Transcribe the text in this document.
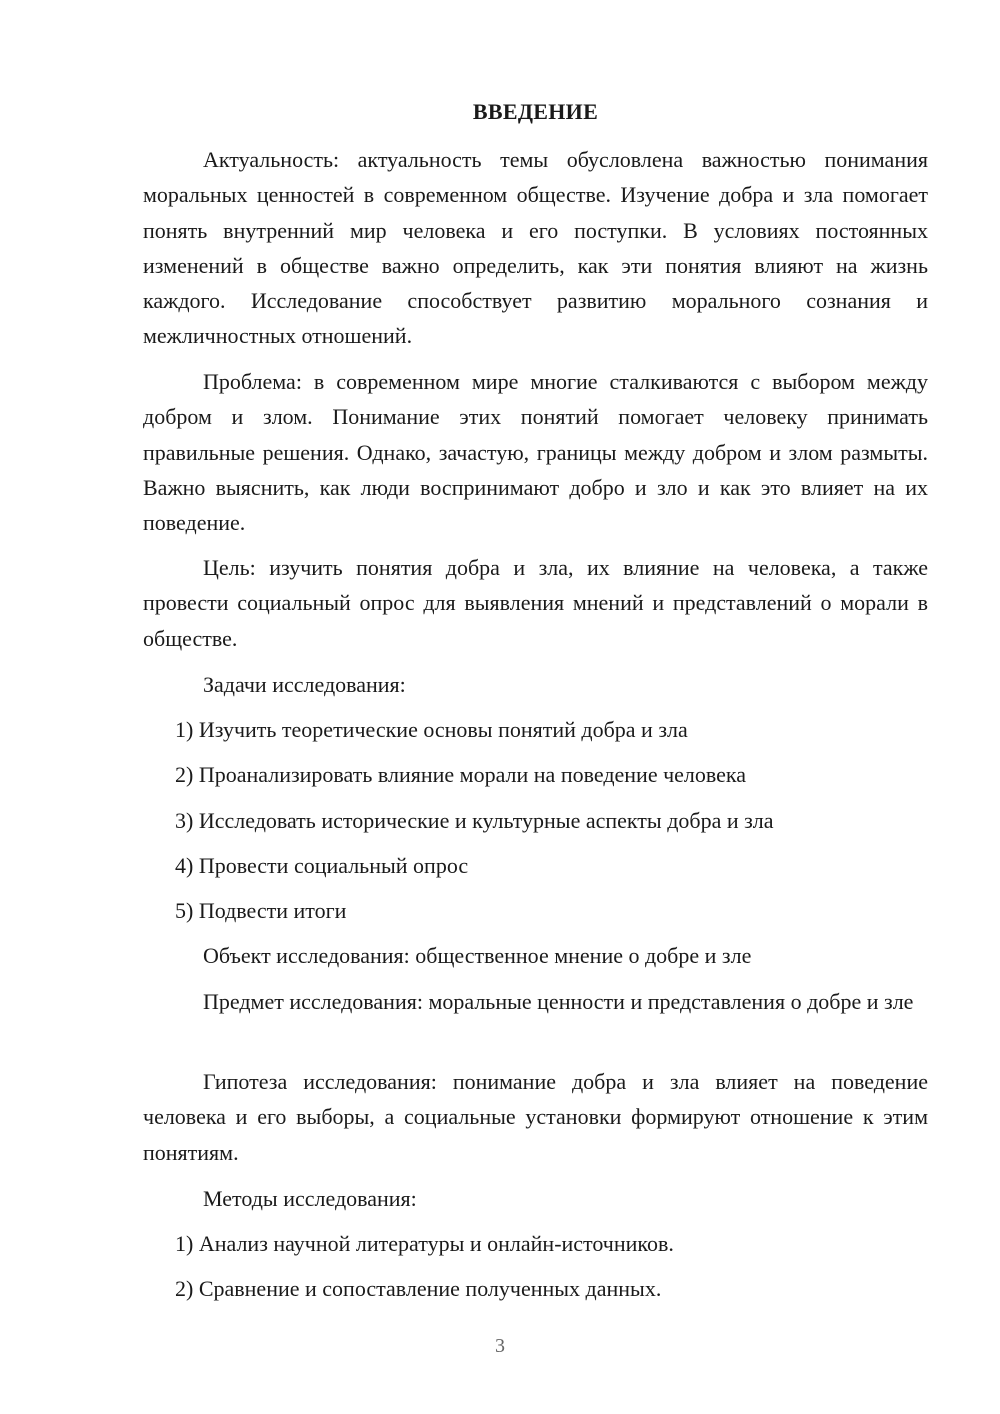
ВВЕДЕНИЕ

Актуальность: актуальность темы обусловлена важностью понимания моральных ценностей в современном обществе. Изучение добра и зла помогает понять внутренний мир человека и его поступки. В условиях постоянных изменений в обществе важно определить, как эти понятия влияют на жизнь каждого. Исследование способствует развитию морального сознания и межличностных отношений.

Проблема: в современном мире многие сталкиваются с выбором между добром и злом. Понимание этих понятий помогает человеку принимать правильные решения. Однако, зачастую, границы между добром и злом размыты. Важно выяснить, как люди воспринимают добро и зло и как это влияет на их поведение.

Цель: изучить понятия добра и зла, их влияние на человека, а также провести социальный опрос для выявления мнений и представлений о морали в обществе.

Задачи исследования:

1) Изучить теоретические основы понятий добра и зла

2) Проанализировать влияние морали на поведение человека

3) Исследовать исторические и культурные аспекты добра и зла

4) Провести социальный опрос

5) Подвести итоги

Объект исследования: общественное мнение о добре и зле

Предмет исследования: моральные ценности и представления о добре и зле

Гипотеза исследования: понимание добра и зла влияет на поведение человека и его выборы, а социальные установки формируют отношение к этим понятиям.

Методы исследования:

1) Анализ научной литературы и онлайн-источников.

2) Сравнение и сопоставление полученных данных.

3
